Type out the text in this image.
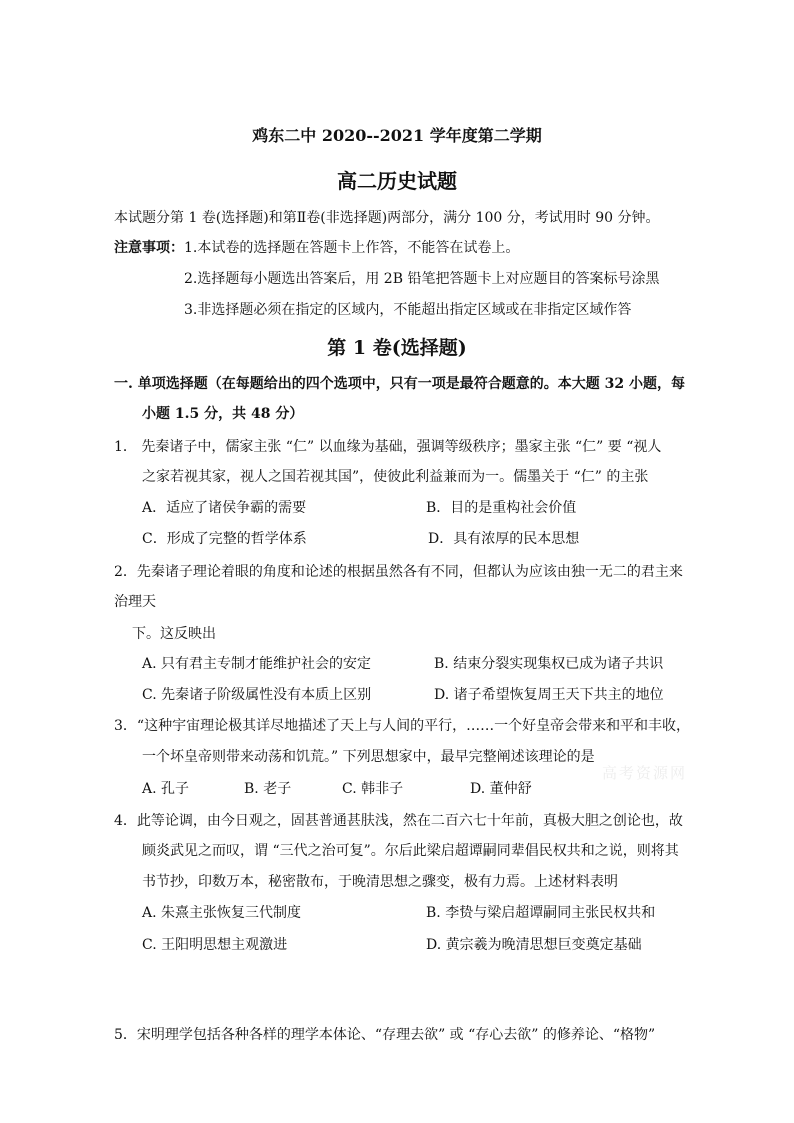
鸡东二中 2020--2021 学年度第二学期
高二历史试题
本试题分第 1 卷(选择题)和第Ⅱ卷(非选择题)两部分，满分 100 分，考试用时 90 分钟。
注意事项：1.本试卷的选择题在答题卡上作答，不能答在试卷上。
2.选择题每小题选出答案后，用 2B 铅笔把答题卡上对应题目的答案标号涂黑
3.非选择题必须在指定的区域内，不能超出指定区域或在非指定区域作答
第 1 卷(选择题)
一. 单项选择题（在每题给出的四个选项中，只有一项是最符合题意的。本大题 32 小题，每
小题 1.5 分，共 48 分）
1． 先秦诸子中，儒家主张 “仁” 以血缘为基础，强调等级秩序；墨家主张 “仁” 要 “视人
之家若视其家，视人之国若视其国”，使彼此利益兼而为一。儒墨关于 “仁” 的主张
A．适应了诸侯争霸的需要	B．目的是重构社会价值
C．形成了完整的哲学体系	D．具有浓厚的民本思想
2．先秦诸子理论着眼的角度和论述的根据虽然各有不同，但都认为应该由独一无二的君主来
治理天
下。这反映出
A. 只有君主专制才能维护社会的安定	B. 结束分裂实现集权已成为诸子共识
C. 先秦诸子阶级属性没有本质上区别	D. 诸子希望恢复周王天下共主的地位
3．“这种宇宙理论极其详尽地描述了天上与人间的平行，……一个好皇帝会带来和平和丰收，
一个坏皇帝则带来动荡和饥荒。” 下列思想家中，最早完整阐述该理论的是
A. 孔子	B. 老子	C. 韩非子	D. 董仲舒
高考资源网
4．此等论调，由今日观之，固甚普通甚肤浅，然在二百六七十年前，真极大胆之创论也，故
顾炎武见之而叹，谓 “三代之治可复”。尔后此梁启超谭嗣同辈倡民权共和之说，则将其
书节抄，印数万本，秘密散布，于晚清思想之骤变，极有力焉。上述材料表明
A. 朱熹主张恢复三代制度	B. 李贽与梁启超谭嗣同主张民权共和
C. 王阳明思想主观激进	D. 黄宗羲为晚清思想巨变奠定基础
5．宋明理学包括各种各样的理学本体论、“存理去欲” 或 “存心去欲” 的修养论、“格物”
